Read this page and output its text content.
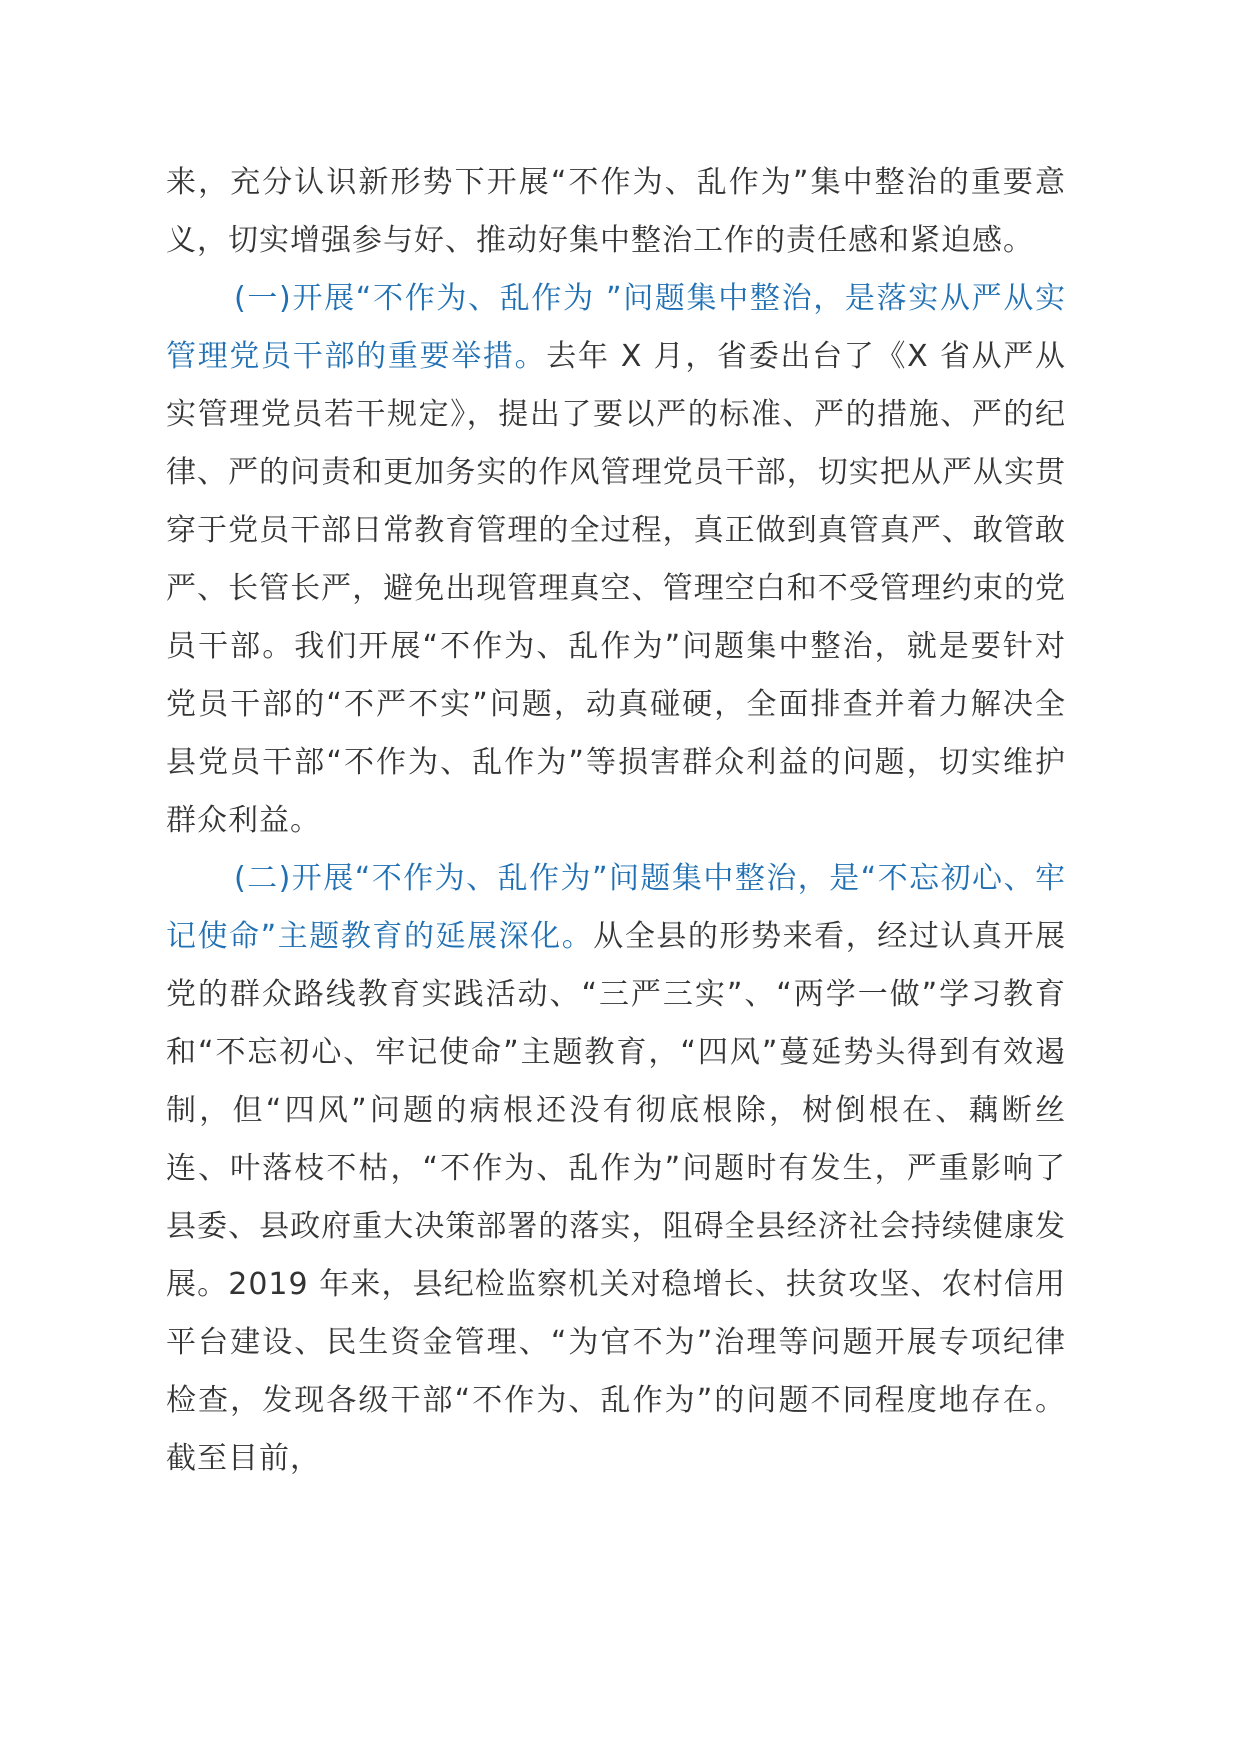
来，充分认识新形势下开展“不作为、乱作为”集中整治的重要意义，切实增强参与好、推动好集中整治工作的责任感和紧迫感。

(一)开展“不作为、乱作为 ”问题集中整治，是落实从严从实管理党员干部的重要举措。去年 X 月，省委出台了《X 省从严从实管理党员若干规定》，提出了要以严的标准、严的措施、严的纪律、严的问责和更加务实的作风管理党员干部，切实把从严从实贯穿于党员干部日常教育管理的全过程，真正做到真管真严、敢管敢严、长管长严，避免出现管理真空、管理空白和不受管理约束的党员干部。我们开展“不作为、乱作为”问题集中整治，就是要针对党员干部的“不严不实”问题，动真碰硬，全面排查并着力解决全县党员干部“不作为、乱作为”等损害群众利益的问题，切实维护群众利益。

(二)开展“不作为、乱作为”问题集中整治，是“不忘初心、牢记使命”主题教育的延展深化。从全县的形势来看，经过认真开展党的群众路线教育实践活动、“三严三实”、“两学一做”学习教育和“不忘初心、牢记使命”主题教育，“四风”蔓延势头得到有效遏制，但“四风”问题的病根还没有彻底根除，树倒根在、藕断丝连、叶落枝不枯，“不作为、乱作为”问题时有发生，严重影响了县委、县政府重大决策部署的落实，阻碍全县经济社会持续健康发展。2019 年来，县纪检监察机关对稳增长、扶贫攻坚、农村信用平台建设、民生资金管理、“为官不为”治理等问题开展专项纪律检查，发现各级干部“不作为、乱作为”的问题不同程度地存在。截至目前，
